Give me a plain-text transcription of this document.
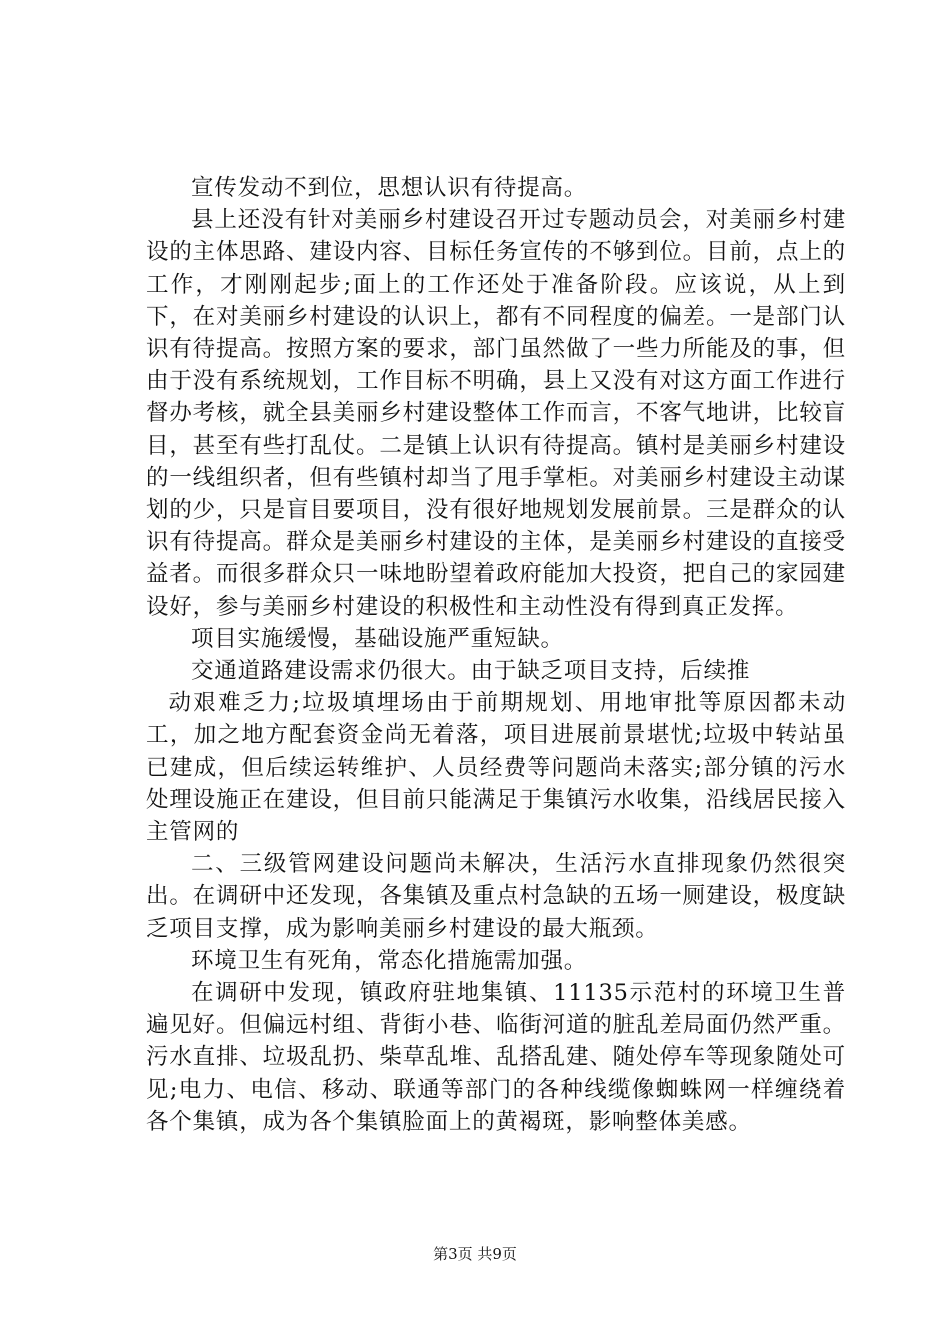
宣传发动不到位，思想认识有待提高。

县上还没有针对美丽乡村建设召开过专题动员会，对美丽乡村建设的主体思路、建设内容、目标任务宣传的不够到位。目前，点上的工作，才刚刚起步;面上的工作还处于准备阶段。应该说，从上到下，在对美丽乡村建设的认识上，都有不同程度的偏差。一是部门认识有待提高。按照方案的要求，部门虽然做了一些力所能及的事，但由于没有系统规划，工作目标不明确，县上又没有对这方面工作进行督办考核，就全县美丽乡村建设整体工作而言，不客气地讲，比较盲目，甚至有些打乱仗。二是镇上认识有待提高。镇村是美丽乡村建设的一线组织者，但有些镇村却当了甩手掌柜。对美丽乡村建设主动谋划的少，只是盲目要项目，没有很好地规划发展前景。三是群众的认识有待提高。群众是美丽乡村建设的主体，是美丽乡村建设的直接受益者。而很多群众只一味地盼望着政府能加大投资，把自己的家园建设好，参与美丽乡村建设的积极性和主动性没有得到真正发挥。

项目实施缓慢，基础设施严重短缺。

交通道路建设需求仍很大。由于缺乏项目支持，后续推

动艰难乏力;垃圾填埋场由于前期规划、用地审批等原因都未动工，加之地方配套资金尚无着落，项目进展前景堪忧;垃圾中转站虽已建成，但后续运转维护、人员经费等问题尚未落实;部分镇的污水处理设施正在建设，但目前只能满足于集镇污水收集，沿线居民接入主管网的

二、三级管网建设问题尚未解决，生活污水直排现象仍然很突出。在调研中还发现，各集镇及重点村急缺的五场一厕建设，极度缺乏项目支撑，成为影响美丽乡村建设的最大瓶颈。

环境卫生有死角，常态化措施需加强。

在调研中发现，镇政府驻地集镇、11135示范村的环境卫生普遍见好。但偏远村组、背街小巷、临街河道的脏乱差局面仍然严重。污水直排、垃圾乱扔、柴草乱堆、乱搭乱建、随处停车等现象随处可见;电力、电信、移动、联通等部门的各种线缆像蜘蛛网一样缠绕着各个集镇，成为各个集镇脸面上的黄褐斑，影响整体美感。

第3页 共9页
